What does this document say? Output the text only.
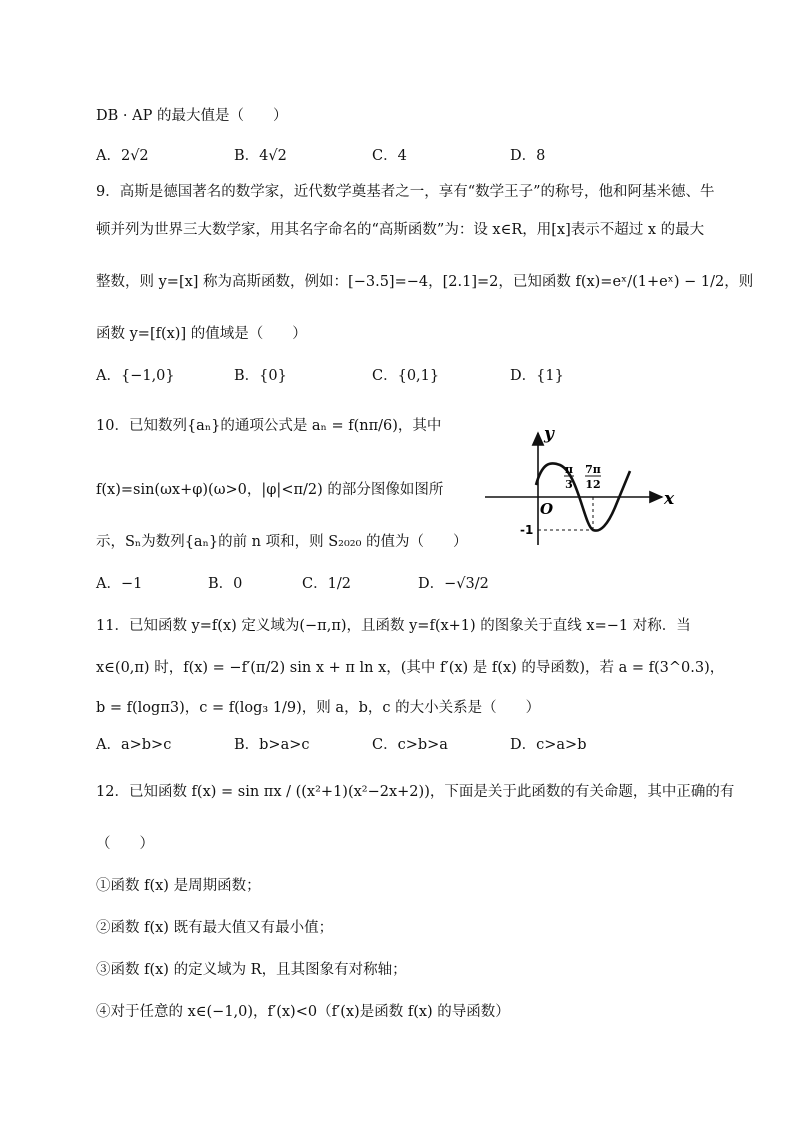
DB · AP 的最大值是（　　）
A．2√2	B．4√2	C．4	D．8
9．高斯是德国著名的数学家，近代数学奠基者之一，享有“数学王子”的称号，他和阿基米德、牛
顿并列为世界三大数学家，用其名字命名的“高斯函数”为：设 x∈R，用[x]表示不超过 x 的最大
整数，则 y=[x] 称为高斯函数，例如：[−3.5]=−4，[2.1]=2，已知函数 f(x)=eˣ/(1+eˣ) − 1/2，则
函数 y=[f(x)] 的值域是（　　）
A．{−1,0}	B．{0}	C．{0,1}	D．{1}
10．已知数列{aₙ}的通项公式是 aₙ = f(nπ/6)，其中
f(x)=sin(ωx+φ)(ω>0，|φ|<π/2) 的部分图像如图所
示，Sₙ为数列{aₙ}的前 n 项和，则 S₂₀₂₀ 的值为（　　）
y
x
O
-1
π
3
7π
12
A．−1	B．0	C．1/2	D．−√3/2
11．已知函数 y=f(x) 定义域为(−π,π)，且函数 y=f(x+1) 的图象关于直线 x=−1 对称．当
x∈(0,π) 时，f(x) = −f′(π/2) sin x + π ln x，(其中 f′(x) 是 f(x) 的导函数)，若 a = f(3^0.3)，
b = f(logπ3)，c = f(log₃ 1/9)，则 a，b，c 的大小关系是（　　）
A．a>b>c	B．b>a>c	C．c>b>a	D．c>a>b
12．已知函数 f(x) = sin πx / ((x²+1)(x²−2x+2))，下面是关于此函数的有关命题，其中正确的有
（　　）
①函数 f(x) 是周期函数；
②函数 f(x) 既有最大值又有最小值；
③函数 f(x) 的定义域为 R，且其图象有对称轴；
④对于任意的 x∈(−1,0)，f′(x)<0（f′(x)是函数 f(x) 的导函数）
